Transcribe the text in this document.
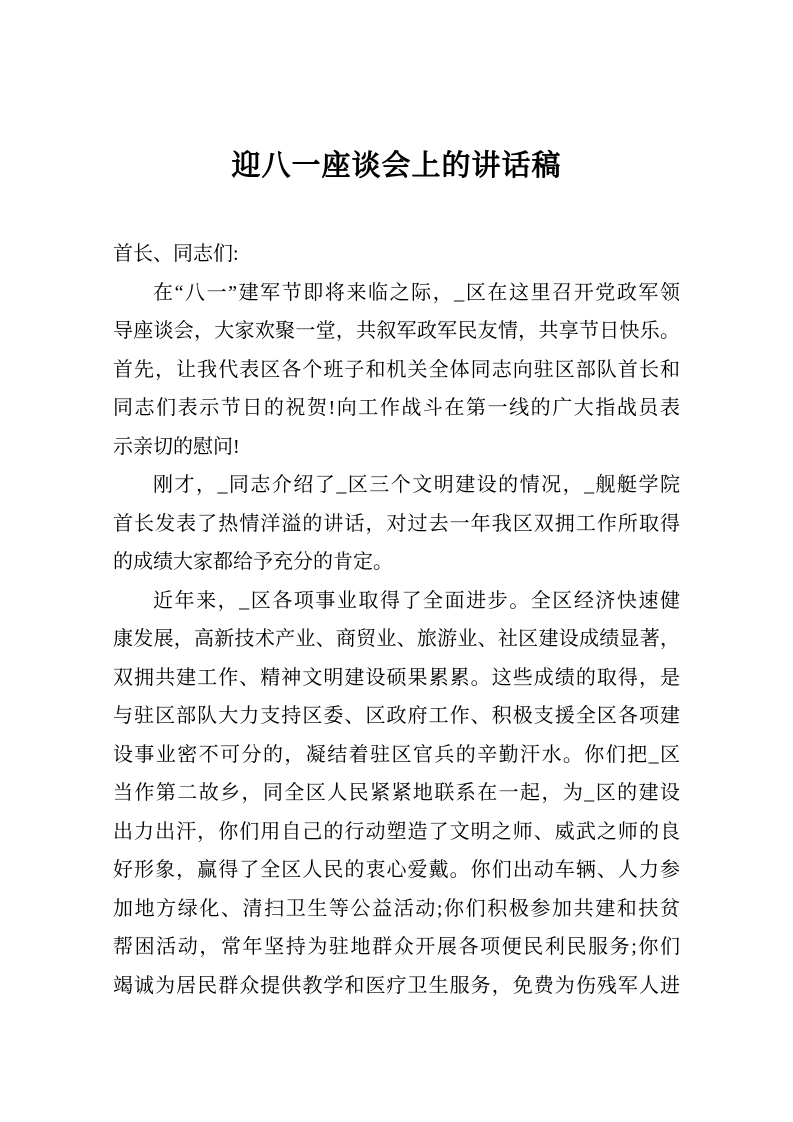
迎八一座谈会上的讲话稿
首长、同志们:
在“八一”建军节即将来临之际，_区在这里召开党政军领
导座谈会，大家欢聚一堂，共叙军政军民友情，共享节日快乐。
首先，让我代表区各个班子和机关全体同志向驻区部队首长和
同志们表示节日的祝贺!向工作战斗在第一线的广大指战员表
示亲切的慰问!
刚才，_同志介绍了_区三个文明建设的情况，_舰艇学院
首长发表了热情洋溢的讲话，对过去一年我区双拥工作所取得
的成绩大家都给予充分的肯定。
近年来，_区各项事业取得了全面进步。全区经济快速健
康发展，高新技术产业、商贸业、旅游业、社区建设成绩显著，
双拥共建工作、精神文明建设硕果累累。这些成绩的取得，是
与驻区部队大力支持区委、区政府工作、积极支援全区各项建
设事业密不可分的，凝结着驻区官兵的辛勤汗水。你们把_区
当作第二故乡，同全区人民紧紧地联系在一起，为_区的建设
出力出汗，你们用自己的行动塑造了文明之师、威武之师的良
好形象，赢得了全区人民的衷心爱戴。你们出动车辆、人力参
加地方绿化、清扫卫生等公益活动;你们积极参加共建和扶贫
帮困活动，常年坚持为驻地群众开展各项便民利民服务;你们
竭诚为居民群众提供教学和医疗卫生服务，免费为伤残军人进
